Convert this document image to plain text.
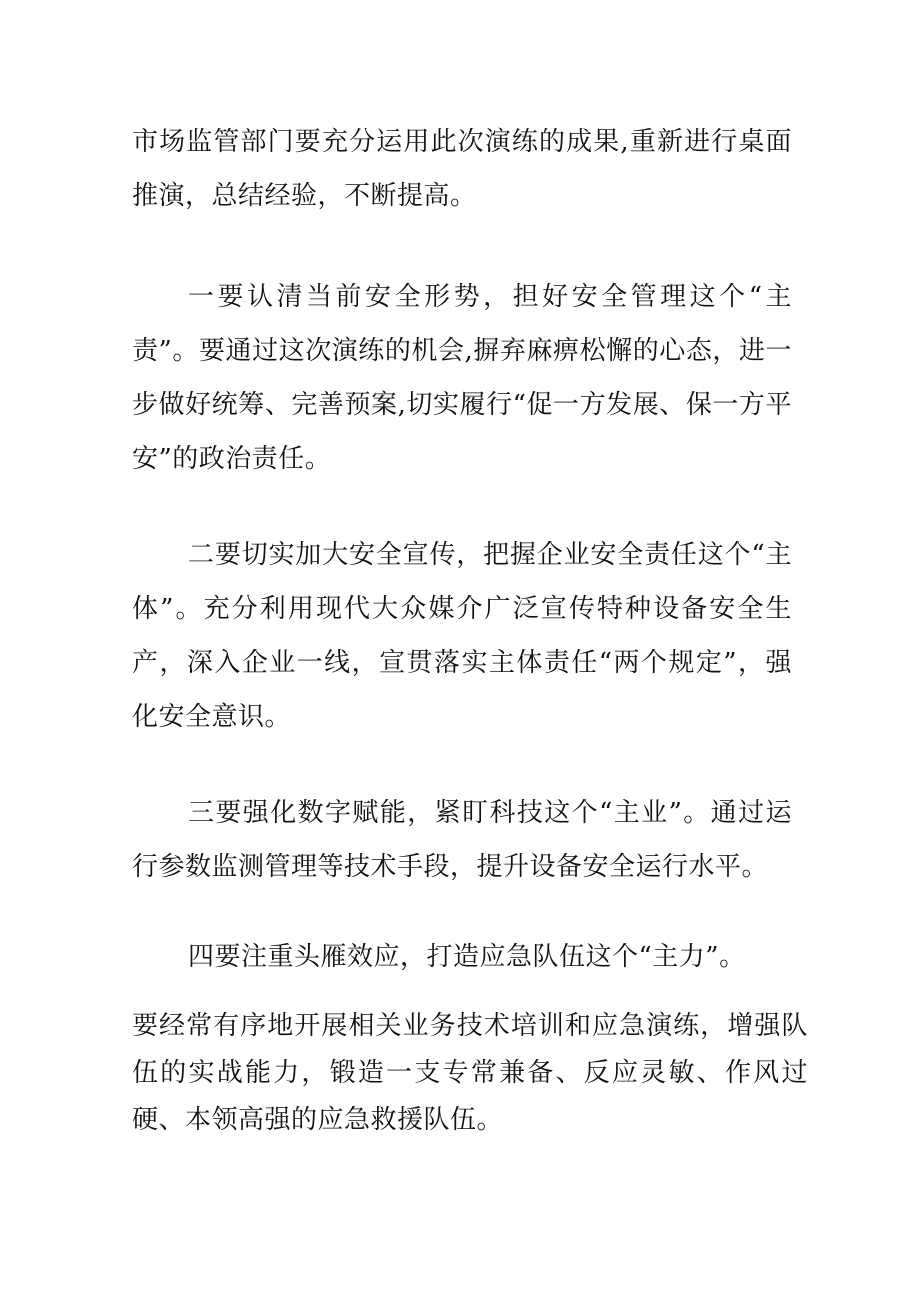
市场监管部门要充分运用此次演练的成果,重新进行桌面推演，总结经验，不断提高。

一要认清当前安全形势，担好安全管理这个“主责”。要通过这次演练的机会,摒弃麻痹松懈的心态，进一步做好统筹、完善预案,切实履行“促一方发展、保一方平安”的政治责任。

二要切实加大安全宣传，把握企业安全责任这个“主体”。充分利用现代大众媒介广泛宣传特种设备安全生产，深入企业一线，宣贯落实主体责任“两个规定”，强化安全意识。

三要强化数字赋能，紧盯科技这个“主业”。通过运行参数监测管理等技术手段，提升设备安全运行水平。

四要注重头雁效应，打造应急队伍这个“主力”。

要经常有序地开展相关业务技术培训和应急演练，增强队伍的实战能力，锻造一支专常兼备、反应灵敏、作风过硬、本领高强的应急救援队伍。
